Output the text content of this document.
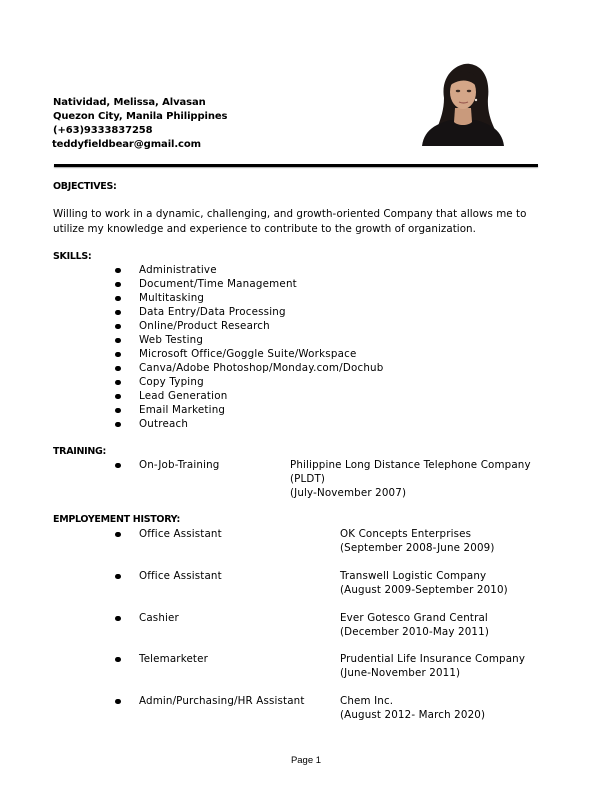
Natividad, Melissa, Alvasan
Quezon City, Manila Philippines
(+63)9333837258
teddyfieldbear@gmail.com
OBJECTIVES:
Willing to work in a dynamic, challenging, and growth-oriented Company that allows me to utilize my knowledge and experience to contribute to the growth of organization.
SKILLS:
Administrative
Document/Time Management
Multitasking
Data Entry/Data Processing
Online/Product Research
Web Testing
Microsoft Office/Goggle Suite/Workspace
Canva/Adobe Photoshop/Monday.com/Dochub
Copy Typing
Lead Generation
Email Marketing
Outreach
TRAINING:
On-Job-Training	Philippine Long Distance Telephone Company
(PLDT)
(July-November 2007)
EMPLOYEMENT HISTORY:
Office Assistant	OK Concepts Enterprises
(September 2008-June 2009)
Office Assistant	Transwell Logistic Company
(August 2009-September 2010)
Cashier	Ever Gotesco Grand Central
(December 2010-May 2011)
Telemarketer	Prudential Life Insurance Company
(June-November 2011)
Admin/Purchasing/HR Assistant	Chem Inc.
(August 2012- March 2020)
Page 1
